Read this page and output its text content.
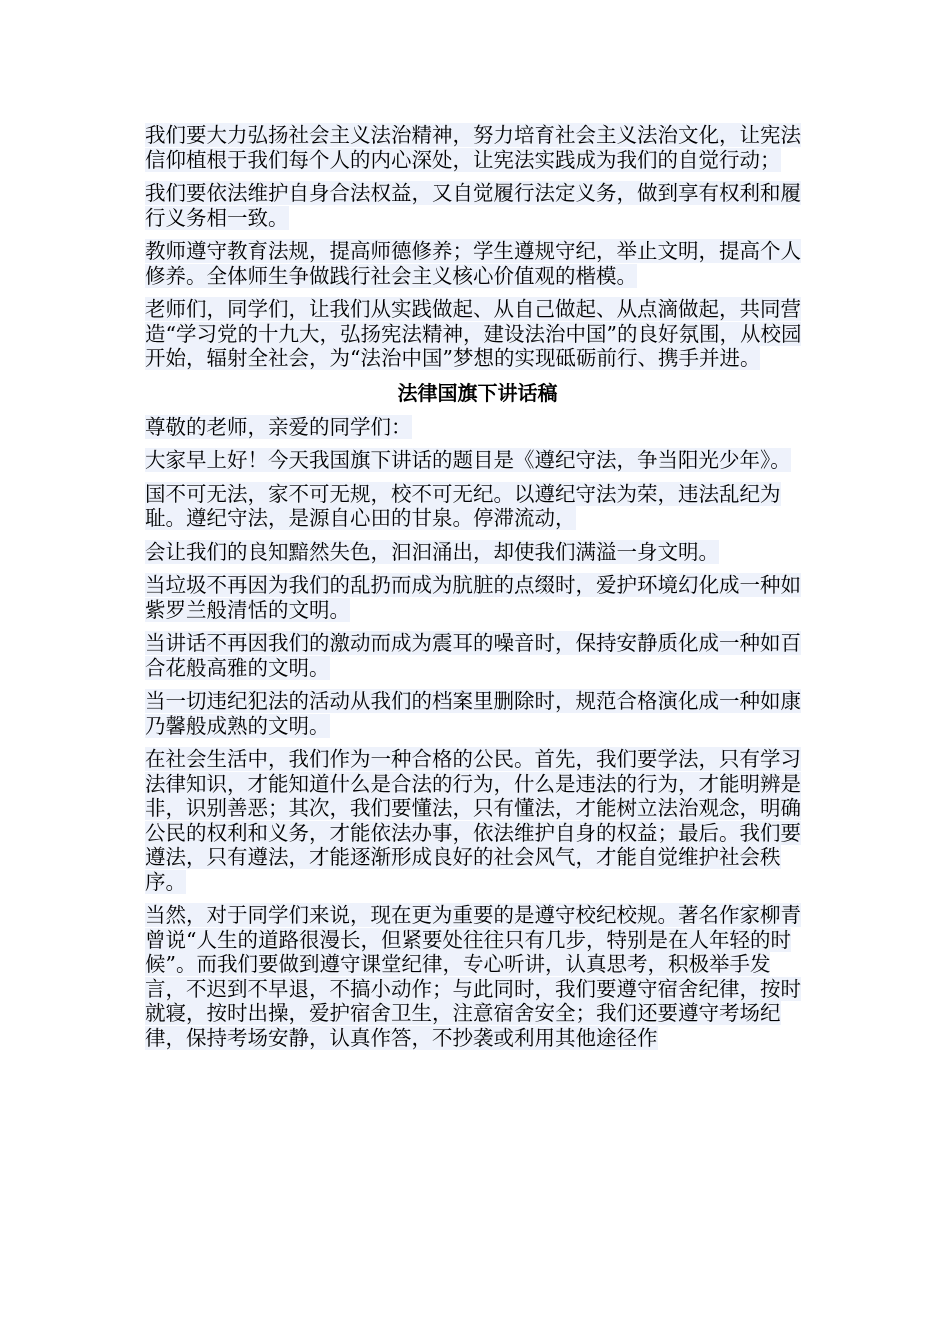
我们要大力弘扬社会主义法治精神，努力培育社会主义法治文化，让宪法信仰植根于我们每个人的内心深处，让宪法实践成为我们的自觉行动；

我们要依法维护自身合法权益，又自觉履行法定义务，做到享有权利和履行义务相一致。

教师遵守教育法规，提高师德修养；学生遵规守纪，举止文明，提高个人修养。全体师生争做践行社会主义核心价值观的楷模。

老师们，同学们，让我们从实践做起、从自己做起、从点滴做起，共同营造“学习党的十九大，弘扬宪法精神，建设法治中国”的良好氛围，从校园开始，辐射全社会，为“法治中国”梦想的实现砥砺前行、携手并进。

法律国旗下讲话稿

尊敬的老师，亲爱的同学们：

大家早上好！今天我国旗下讲话的题目是《遵纪守法，争当阳光少年》。

国不可无法，家不可无规，校不可无纪。以遵纪守法为荣，违法乱纪为耻。遵纪守法，是源自心田的甘泉。停滞流动，

会让我们的良知黯然失色，汩汩涌出，却使我们满溢一身文明。

当垃圾不再因为我们的乱扔而成为肮脏的点缀时，爱护环境幻化成一种如紫罗兰般清恬的文明。

当讲话不再因我们的激动而成为震耳的噪音时，保持安静质化成一种如百合花般高雅的文明。

当一切违纪犯法的活动从我们的档案里删除时，规范合格演化成一种如康乃馨般成熟的文明。

在社会生活中，我们作为一种合格的公民。首先，我们要学法，只有学习法律知识，才能知道什么是合法的行为，什么是违法的行为，才能明辨是非，识别善恶；其次，我们要懂法，只有懂法，才能树立法治观念，明确公民的权利和义务，才能依法办事，依法维护自身的权益；最后。我们要遵法，只有遵法，才能逐渐形成良好的社会风气，才能自觉维护社会秩序。

当然，对于同学们来说，现在更为重要的是遵守校纪校规。著名作家柳青曾说“人生的道路很漫长，但紧要处往往只有几步，特别是在人年轻的时候”。而我们要做到遵守课堂纪律，专心听讲，认真思考，积极举手发言，不迟到不早退，不搞小动作；与此同时，我们要遵守宿舍纪律，按时就寝，按时出操，爱护宿舍卫生，注意宿舍安全；我们还要遵守考场纪律，保持考场安静，认真作答，不抄袭或利用其他途径作
